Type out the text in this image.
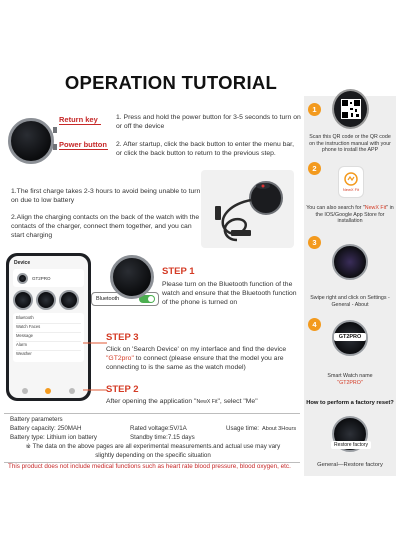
OPERATION TUTORIAL
Return key
Power button
1. Press and hold the power button for 3-5 seconds to turn on or off the device
2. After startup, click the back button to enter the menu bar, or click the back button to return to the previous step.
1.The first charge takes 2-3 hours to avoid being unable to turn on due to low battery
2.Align the charging contacts on the back of the watch with the contacts of the charger, connect them together, and you can start charging
Device
GT2PRO
Bluetooth
Watch Faces
Message
Alarm
Weather
Bluetooth
STEP 1
Please turn on the Bluetooth function of the watch and ensure that the Bluetooth function of the phone is turned on
STEP 3
Click on 'Search Device' on my interface and find the device "GT2pro" to connect (please ensure that the model you are connecting to is the same as the watch model)
STEP 2
After opening the application "NewX Fit", select "Me"
1
Scan this QR code or the QR code on the instruction manual with your phone to install the APP
2
NewX Fit
You can also search for "NewX Fit" in the IOS/Google App Store for installation
3
Swipe right and click on Settings - General - About
4
GT2PRO
Smart Watch name
"GT2PRO"
How to perform a factory reset?
Restore factory
General—Restore factory
Battery parameters
Battery capacity: 250MAH	Rated voltage:5V/1A	Usage time: About 3Hours
Battery type: Lithium ion battery	Standby time:7.15 days
※ The data on the above pages are all experimental measurements.and actual use may vary slightly depending on the specific situation
This product does not include medical functions such as heart rate blood pressure, blood oxygen, etc.
